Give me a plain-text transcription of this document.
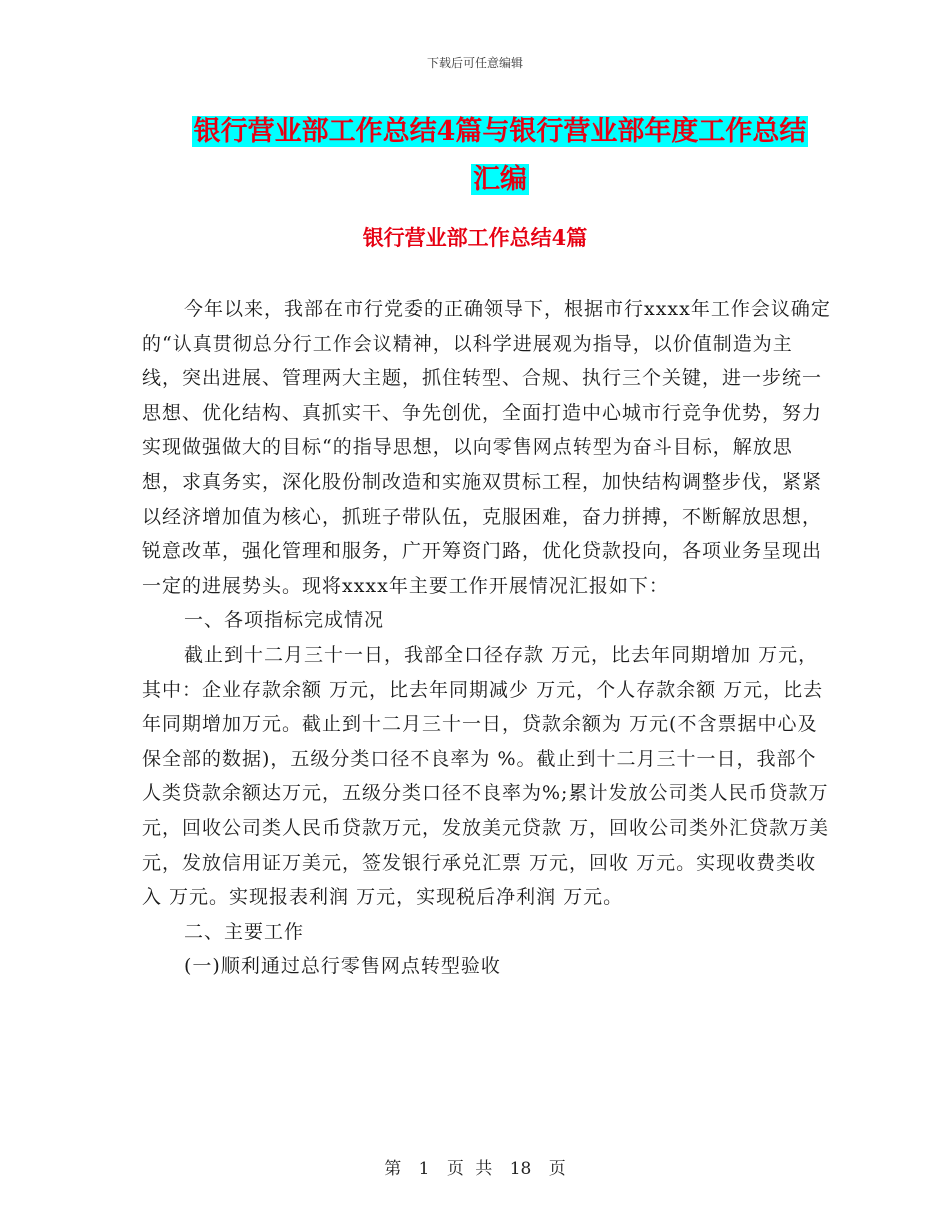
下载后可任意编辑
银行营业部工作总结4篇与银行营业部年度工作总结
汇编
银行营业部工作总结4篇

今年以来，我部在市行党委的正确领导下，根据市行xxxx年工作会议确定的“认真贯彻总分行工作会议精神，以科学进展观为指导，以价值制造为主线，突出进展、管理两大主题，抓住转型、合规、执行三个关键，进一步统一思想、优化结构、真抓实干、争先创优，全面打造中心城市行竞争优势，努力实现做强做大的目标“的指导思想，以向零售网点转型为奋斗目标，解放思想，求真务实，深化股份制改造和实施双贯标工程，加快结构调整步伐，紧紧以经济增加值为核心，抓班子带队伍，克服困难，奋力拼搏，不断解放思想，锐意改革，强化管理和服务，广开筹资门路，优化贷款投向，各项业务呈现出一定的进展势头。现将xxxx年主要工作开展情况汇报如下：

一、各项指标完成情况

截止到十二月三十一日，我部全口径存款 万元，比去年同期增加 万元，其中：企业存款余额 万元，比去年同期减少 万元，个人存款余额 万元，比去年同期增加万元。截止到十二月三十一日，贷款余额为 万元(不含票据中心及保全部的数据)，五级分类口径不良率为 %。截止到十二月三十一日，我部个人类贷款余额达万元，五级分类口径不良率为%;累计发放公司类人民币贷款万元，回收公司类人民币贷款万元，发放美元贷款 万，回收公司类外汇贷款万美元，发放信用证万美元，签发银行承兑汇票 万元，回收 万元。实现收费类收入 万元。实现报表利润 万元，实现税后净利润 万元。

二、主要工作

(一)顺利通过总行零售网点转型验收

第 1 页 共 18 页
